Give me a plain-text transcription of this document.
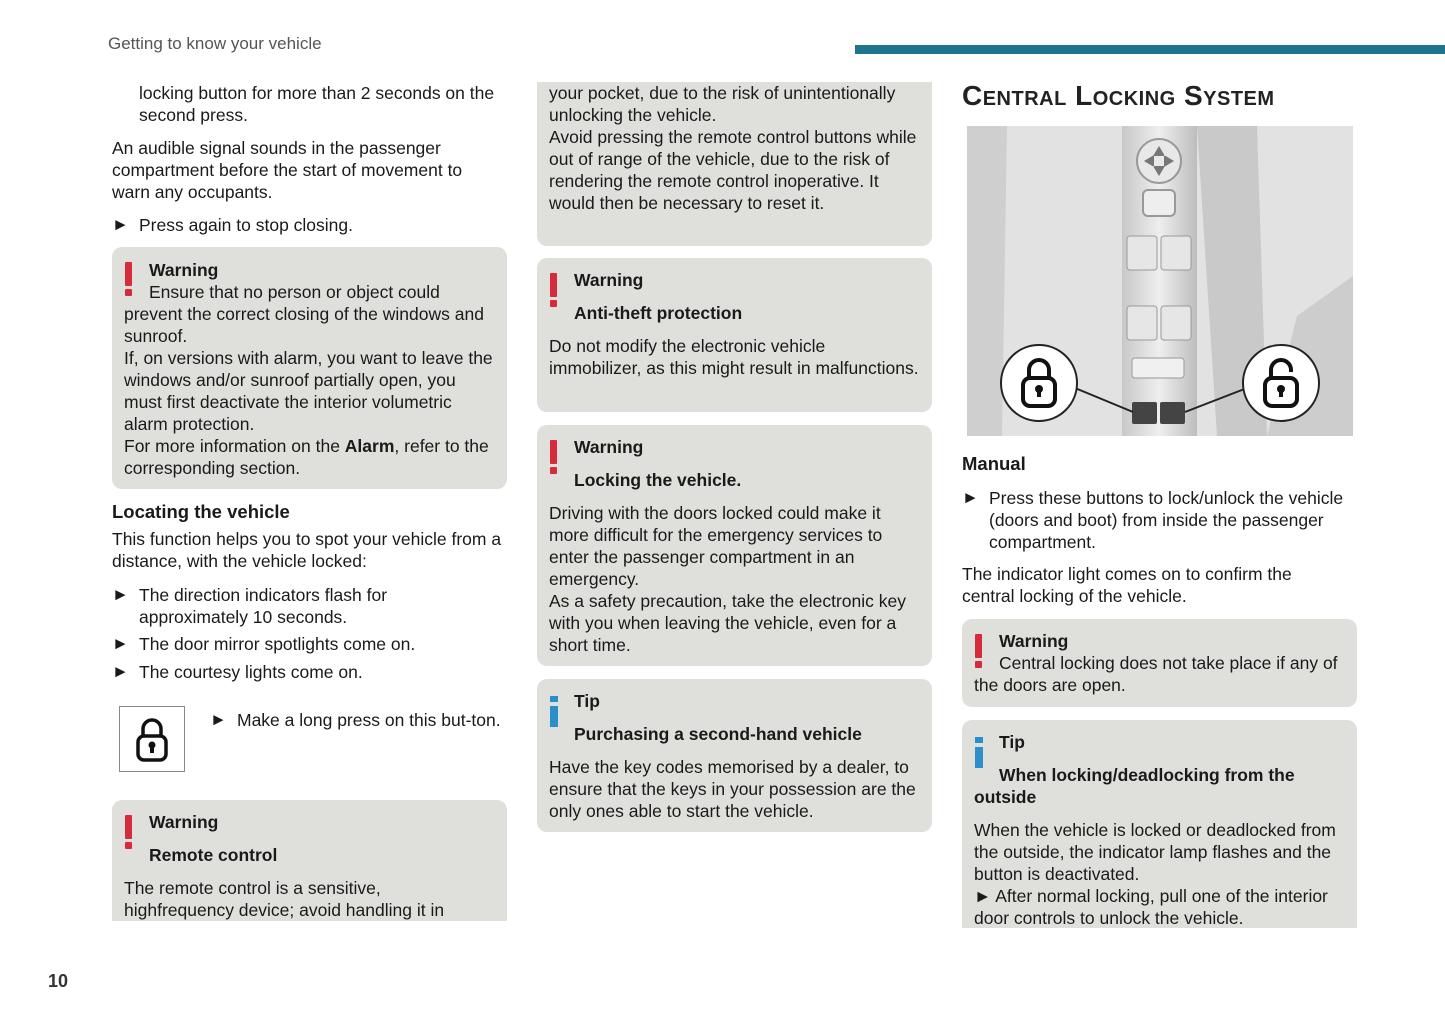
Getting to know your vehicle
locking button for more than 2 seconds on the second press.
An audible signal sounds in the passenger compartment before the start of movement to warn any occupants.
► Press again to stop closing.
Warning
Ensure that no person or object could prevent the correct closing of the windows and sunroof.
If, on versions with alarm, you want to leave the windows and/or sunroof partially open, you must first deactivate the interior volumetric alarm protection.
For more information on the Alarm, refer to the corresponding section.
Locating the vehicle
This function helps you to spot your vehicle from a distance, with the vehicle locked:
► The direction indicators flash for approximately 10 seconds.
► The door mirror spotlights come on.
► The courtesy lights come on.
► Make a long press on this but-ton.
Warning
Remote control
The remote control is a sensitive, highfrequency device; avoid handling it in
your pocket, due to the risk of unintentionally unlocking the vehicle.
Avoid pressing the remote control buttons while out of range of the vehicle, due to the risk of rendering the remote control inoperative. It would then be necessary to reset it.
Warning
Anti-theft protection
Do not modify the electronic vehicle immobilizer, as this might result in malfunctions.
Warning
Locking the vehicle.
Driving with the doors locked could make it more difficult for the emergency services to enter the passenger compartment in an emergency.
As a safety precaution, take the electronic key with you when leaving the vehicle, even for a short time.
Tip
Purchasing a second-hand vehicle
Have the key codes memorised by a dealer, to ensure that the keys in your possession are the only ones able to start the vehicle.
Central Locking System
Manual
► Press these buttons to lock/unlock the vehicle (doors and boot) from inside the passenger compartment.
The indicator light comes on to confirm the central locking of the vehicle.
Warning
Central locking does not take place if any of the doors are open.
Tip
When locking/deadlocking from the outside
When the vehicle is locked or deadlocked from the outside, the indicator lamp flashes and the button is deactivated.
► After normal locking, pull one of the interior door controls to unlock the vehicle.
10
